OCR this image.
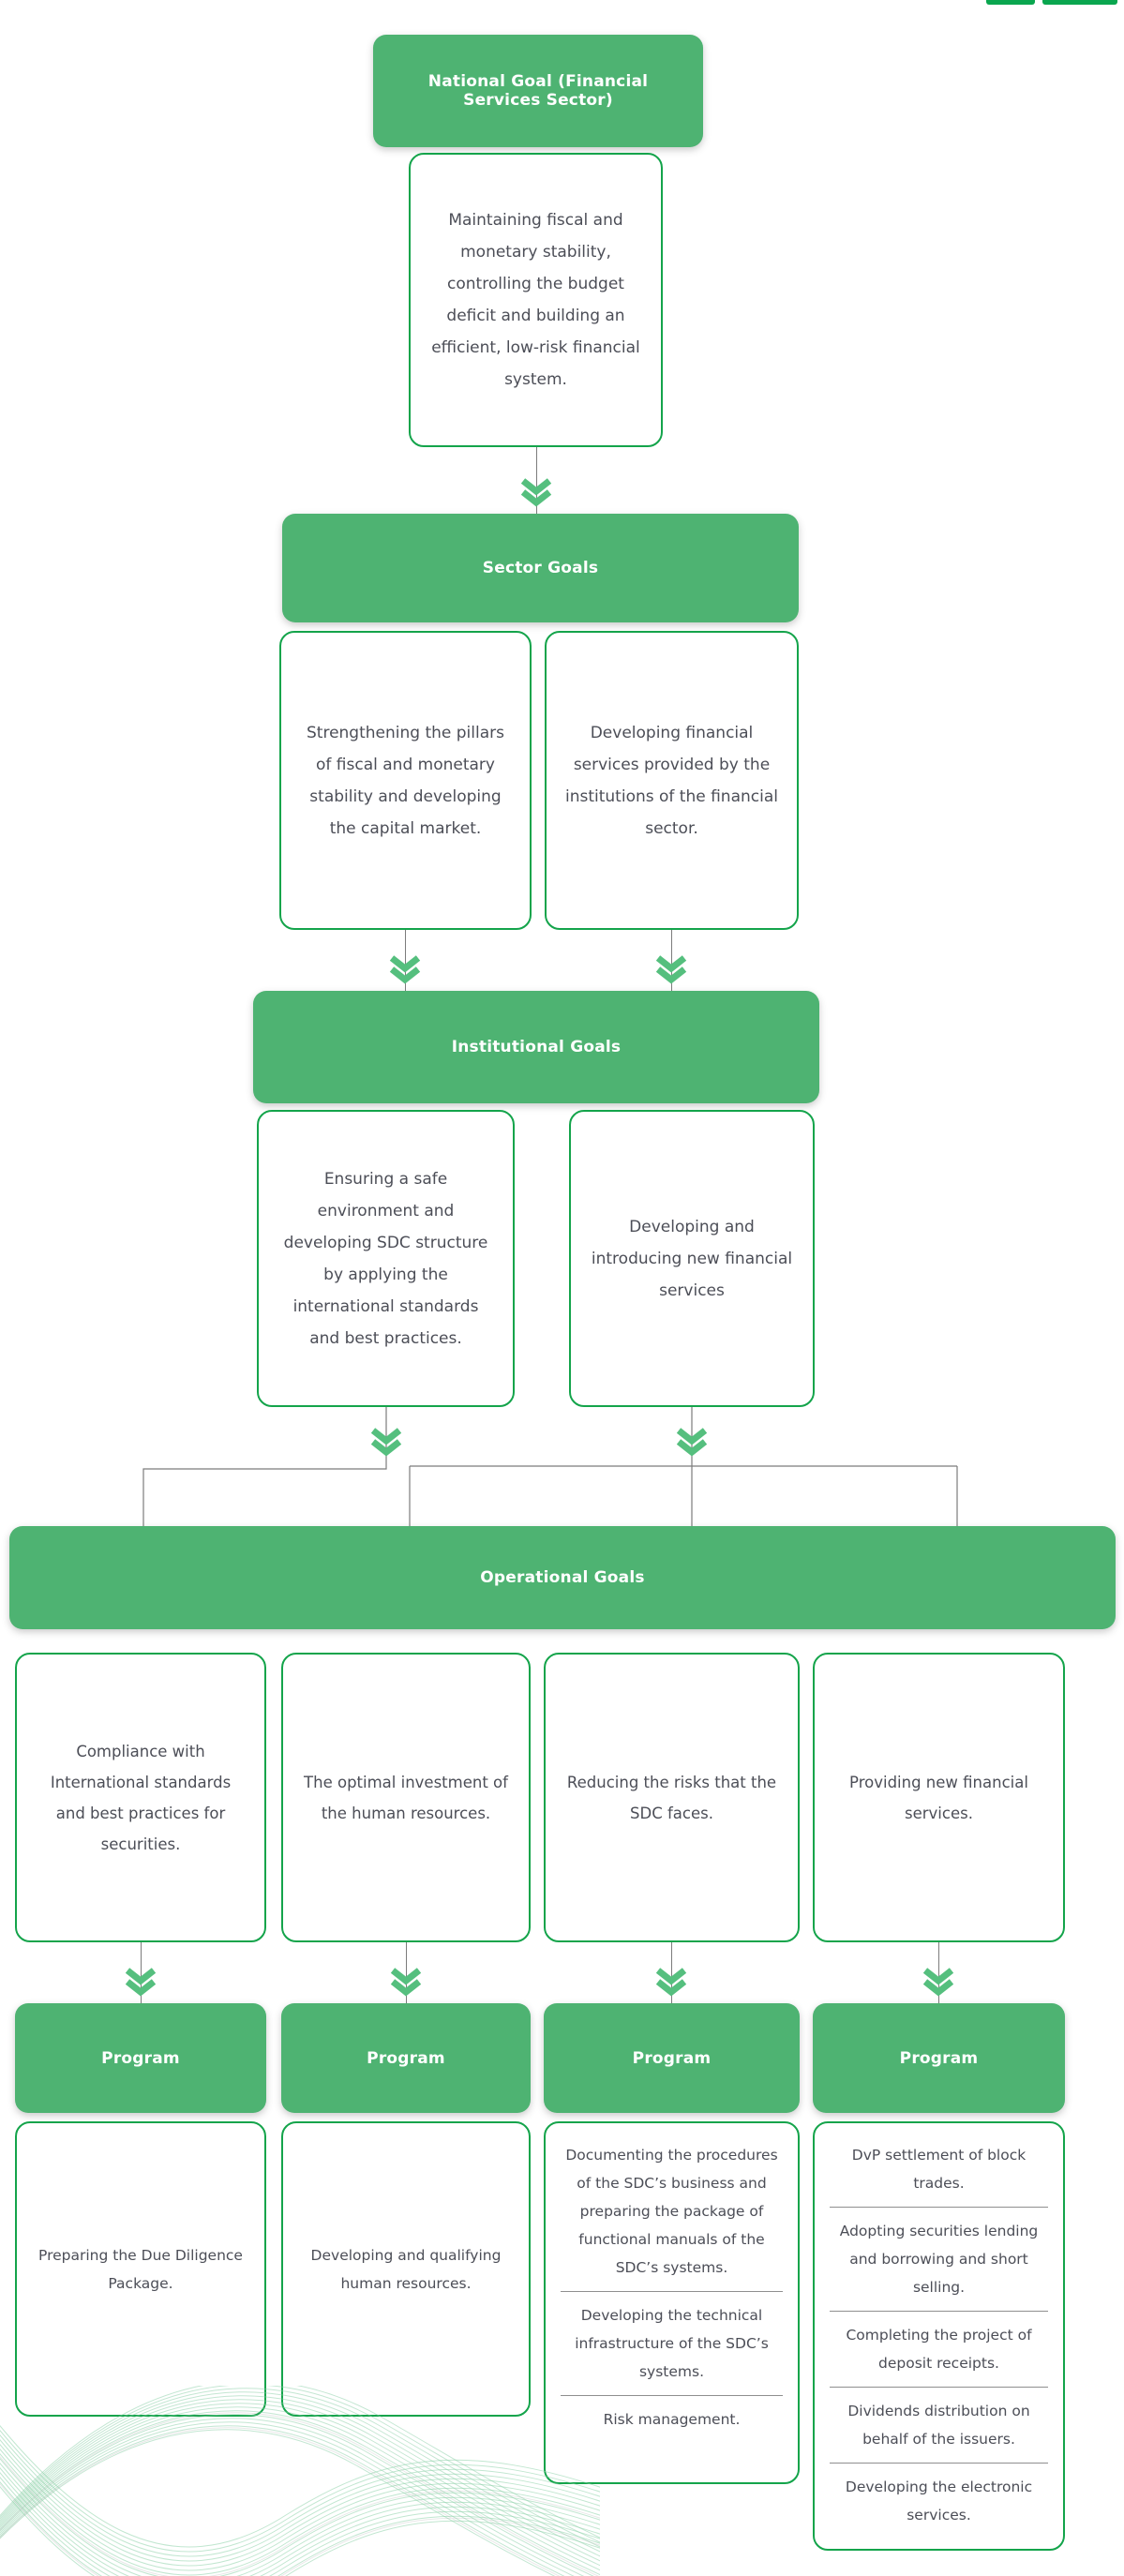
National Goal (Financial Services Sector)
Maintaining fiscal and monetary stability, controlling the budget deficit and building an efficient, low-risk financial system.
Sector Goals
Strengthening the pillars of fiscal and monetary stability and developing the capital market.
Developing financial services provided by the institutions of the financial sector.
Institutional Goals
Ensuring a safe environment and developing SDC structure by applying the international standards and best practices.
Developing and introducing new financial services
Operational Goals
Compliance with International standards and best practices for securities.
The optimal investment of the human resources.
Reducing the risks that the SDC faces.
Providing new financial services.
Program	Program	Program	Program
Preparing the Due Diligence Package.
Developing and qualifying human resources.
Documenting the procedures of the SDC’s business and preparing the package of functional manuals of the SDC’s systems.
Developing the technical infrastructure of the SDC’s systems.
Risk management.
DvP settlement of block trades.
Adopting securities lending and borrowing and short selling.
Completing the project of deposit receipts.
Dividends distribution on behalf of the issuers.
Developing the electronic services.
